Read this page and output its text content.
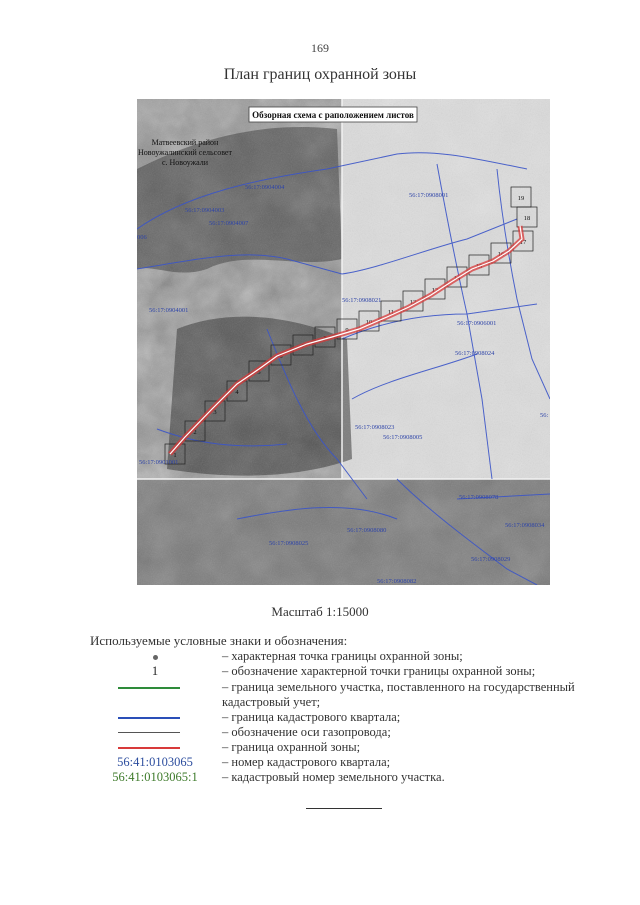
169
План границ охранной зоны
1
2
3
4
5
6
7
8
9
10
11
12
13
14
15
16
17
18
19
Обзорная схема с раположением листов
Матвеевский район
Новоужалинский сельсовет
с. Новоужали
56:17:0904004
56:17:0904003
56:17:0904007
56:17:0908001
006
56:17:0904001
56:17:0908021
56:17:0906001
56:17:0908024
56:17:0908023
56:17:0908005
56:17:0901001
56:
56:17:0908078
56:17:0908080
56:17:0908034
56:17:0908025
56:17:0908029
56:17:0908082
Масштаб 1:15000
Используемые условные знаки и обозначения:
– характерная точка границы охранной зоны;
1	– обозначение характерной точки границы охранной зоны;
– граница земельного участка, поставленного на государственный кадастровый учет;
– граница кадастрового квартала;
– обозначение оси газопровода;
– граница охранной зоны;
56:41:0103065	– номер кадастрового квартала;
56:41:0103065:1	– кадастровый номер земельного участка.
